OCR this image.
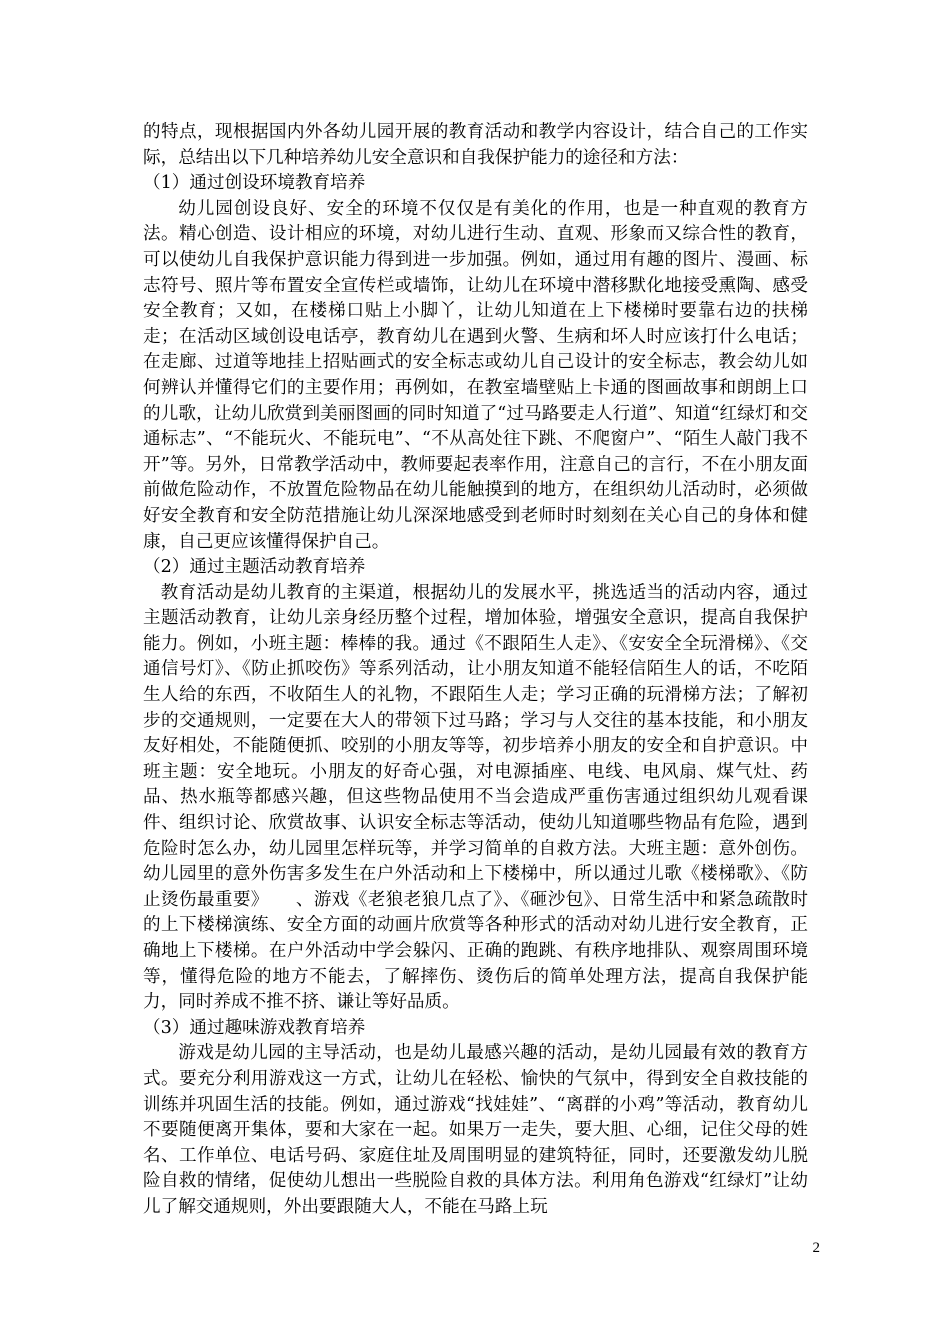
的特点，现根据国内外各幼儿园开展的教育活动和教学内容设计，结合自己的工作实际，总结出以下几种培养幼儿安全意识和自我保护能力的途径和方法：

（1）通过创设环境教育培养

幼儿园创设良好、安全的环境不仅仅是有美化的作用，也是一种直观的教育方法。精心创造、设计相应的环境，对幼儿进行生动、直观、形象而又综合性的教育，可以使幼儿自我保护意识能力得到进一步加强。例如，通过用有趣的图片、漫画、标志符号、照片等布置安全宣传栏或墙饰，让幼儿在环境中潜移默化地接受熏陶、感受安全教育；又如，在楼梯口贴上小脚丫，让幼儿知道在上下楼梯时要靠右边的扶梯走；在活动区域创设电话亭，教育幼儿在遇到火警、生病和坏人时应该打什么电话；在走廊、过道等地挂上招贴画式的安全标志或幼儿自己设计的安全标志，教会幼儿如何辨认并懂得它们的主要作用；再例如，在教室墙壁贴上卡通的图画故事和朗朗上口的儿歌，让幼儿欣赏到美丽图画的同时知道了“过马路要走人行道”、知道“红绿灯和交通标志”、“不能玩火、不能玩电”、“不从高处往下跳、不爬窗户”、“陌生人敲门我不开”等。另外，日常教学活动中，教师要起表率作用，注意自己的言行，不在小朋友面前做危险动作，不放置危险物品在幼儿能触摸到的地方，在组织幼儿活动时，必须做好安全教育和安全防范措施让幼儿深深地感受到老师时时刻刻在关心自己的身体和健康，自己更应该懂得保护自己。

（2）通过主题活动教育培养

教育活动是幼儿教育的主渠道，根据幼儿的发展水平，挑选适当的活动内容，通过主题活动教育，让幼儿亲身经历整个过程，增加体验，增强安全意识，提高自我保护能力。例如，小班主题：棒棒的我。通过《不跟陌生人走》、《安安全全玩滑梯》、《交通信号灯》、《防止抓咬伤》等系列活动，让小朋友知道不能轻信陌生人的话，不吃陌生人给的东西，不收陌生人的礼物，不跟陌生人走；学习正确的玩滑梯方法；了解初步的交通规则，一定要在大人的带领下过马路；学习与人交往的基本技能，和小朋友友好相处，不能随便抓、咬别的小朋友等等，初步培养小朋友的安全和自护意识。中班主题：安全地玩。小朋友的好奇心强，对电源插座、电线、电风扇、煤气灶、药品、热水瓶等都感兴趣，但这些物品使用不当会造成严重伤害通过组织幼儿观看课件、组织讨论、欣赏故事、认识安全标志等活动，使幼儿知道哪些物品有危险，遇到危险时怎么办，幼儿园里怎样玩等，并学习简单的自救方法。大班主题：意外创伤。幼儿园里的意外伤害多发生在户外活动和上下楼梯中，所以通过儿歌《楼梯歌》、《防止烫伤最重要》　　、游戏《老狼老狼几点了》、《砸沙包》、日常生活中和紧急疏散时的上下楼梯演练、安全方面的动画片欣赏等各种形式的活动对幼儿进行安全教育，正确地上下楼梯。在户外活动中学会躲闪、正确的跑跳、有秩序地排队、观察周围环境等，懂得危险的地方不能去，了解摔伤、烫伤后的简单处理方法，提高自我保护能力，同时养成不推不挤、谦让等好品质。

（3）通过趣味游戏教育培养

游戏是幼儿园的主导活动，也是幼儿最感兴趣的活动，是幼儿园最有效的教育方式。要充分利用游戏这一方式，让幼儿在轻松、愉快的气氛中，得到安全自救技能的训练并巩固生活的技能。例如，通过游戏“找娃娃”、“离群的小鸡”等活动，教育幼儿不要随便离开集体，要和大家在一起。如果万一走失，要大胆、心细，记住父母的姓名、工作单位、电话号码、家庭住址及周围明显的建筑特征，同时，还要激发幼儿脱险自救的情绪，促使幼儿想出一些脱险自救的具体方法。利用角色游戏“红绿灯”让幼儿了解交通规则，外出要跟随大人，不能在马路上玩

2
